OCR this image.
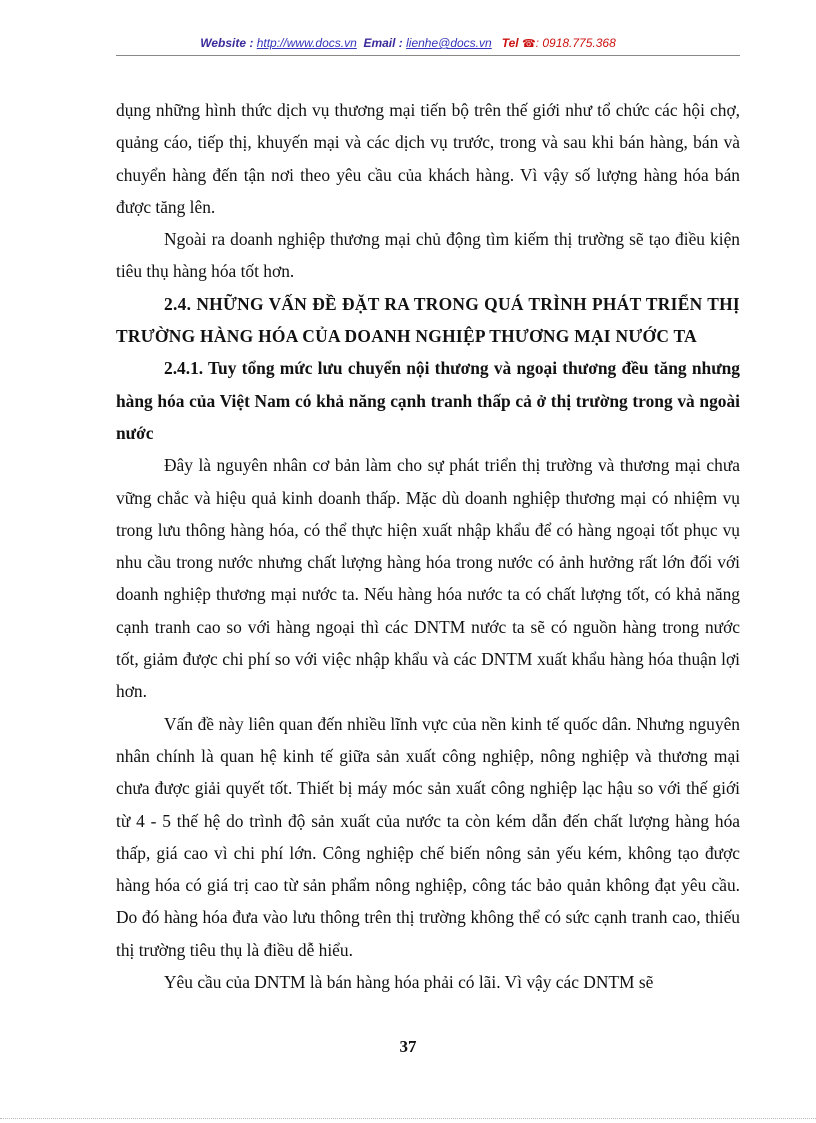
Website : http://www.docs.vn Email : lienhe@docs.vn Tel ☎: 0918.775.368

dụng những hình thức dịch vụ thương mại tiến bộ trên thế giới như tổ chức các hội chợ, quảng cáo, tiếp thị, khuyến mại và các dịch vụ trước, trong và sau khi bán hàng, bán và chuyển hàng đến tận nơi theo yêu cầu của khách hàng. Vì vậy số lượng hàng hóa bán được tăng lên.

Ngoài ra doanh nghiệp thương mại chủ động tìm kiếm thị trường sẽ tạo điều kiện tiêu thụ hàng hóa tốt hơn.

2.4. NHỮNG VẤN ĐỀ ĐẶT RA TRONG QUÁ TRÌNH PHÁT TRIỂN THỊ TRƯỜNG HÀNG HÓA CỦA DOANH NGHIỆP THƯƠNG MẠI NƯỚC TA

2.4.1. Tuy tổng mức lưu chuyển nội thương và ngoại thương đều tăng nhưng hàng hóa của Việt Nam có khả năng cạnh tranh thấp cả ở thị trường trong và ngoài nước

Đây là nguyên nhân cơ bản làm cho sự phát triển thị trường và thương mại chưa vững chắc và hiệu quả kinh doanh thấp. Mặc dù doanh nghiệp thương mại có nhiệm vụ trong lưu thông hàng hóa, có thể thực hiện xuất nhập khẩu để có hàng ngoại tốt phục vụ nhu cầu trong nước nhưng chất lượng hàng hóa trong nước có ảnh hưởng rất lớn đối với doanh nghiệp thương mại nước ta. Nếu hàng hóa nước ta có chất lượng tốt, có khả năng cạnh tranh cao so với hàng ngoại thì các DNTM nước ta sẽ có nguồn hàng trong nước tốt, giảm được chi phí so với việc nhập khẩu và các DNTM xuất khẩu hàng hóa thuận lợi hơn.

Vấn đề này liên quan đến nhiều lĩnh vực của nền kinh tế quốc dân. Nhưng nguyên nhân chính là quan hệ kinh tế giữa sản xuất công nghiệp, nông nghiệp và thương mại chưa được giải quyết tốt. Thiết bị máy móc sản xuất công nghiệp lạc hậu so với thế giới từ 4 - 5 thế hệ do trình độ sản xuất của nước ta còn kém dẫn đến chất lượng hàng hóa thấp, giá cao vì chi phí lớn. Công nghiệp chế biến nông sản yếu kém, không tạo được hàng hóa có giá trị cao từ sản phẩm nông nghiệp, công tác bảo quản không đạt yêu cầu. Do đó hàng hóa đưa vào lưu thông trên thị trường không thể có sức cạnh tranh cao, thiếu thị trường tiêu thụ là điều dễ hiểu.

Yêu cầu của DNTM là bán hàng hóa phải có lãi. Vì vậy các DNTM sẽ

37
